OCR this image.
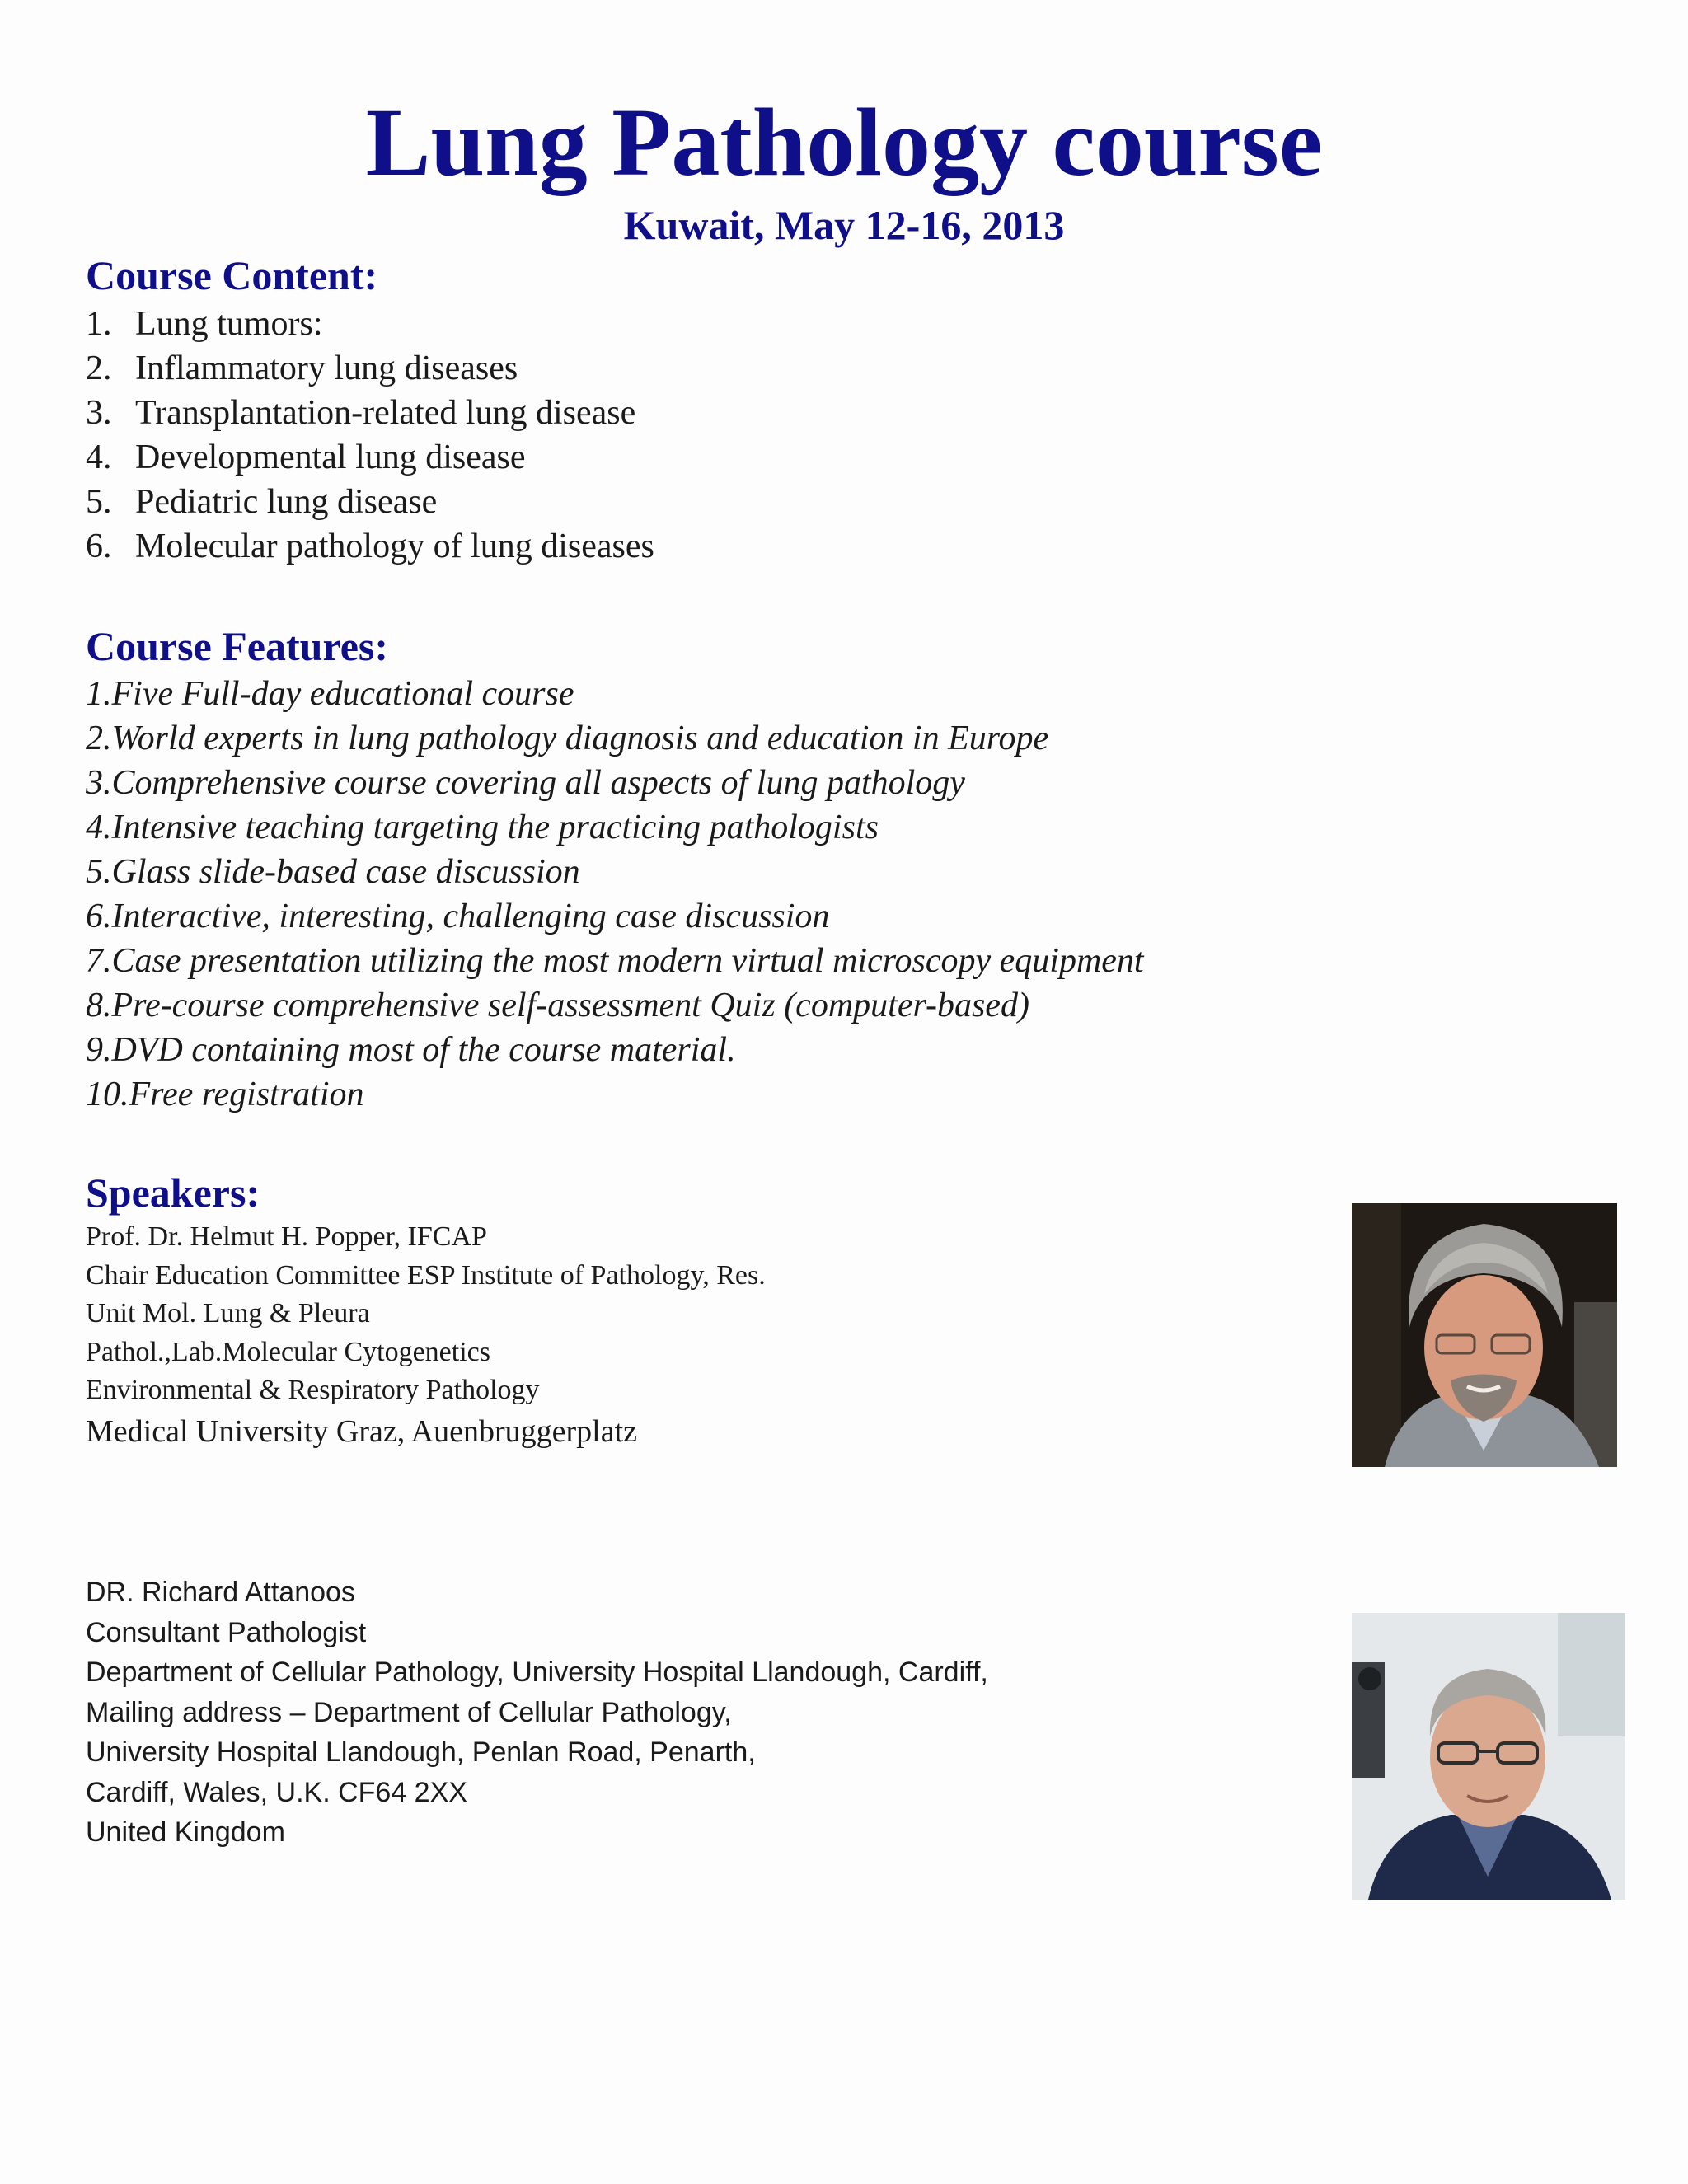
Lung Pathology course
Kuwait, May 12-16, 2013
Course Content:
1. Lung tumors:
2. Inflammatory lung diseases
3. Transplantation-related lung disease
4. Developmental lung disease
5. Pediatric lung disease
6. Molecular pathology of lung diseases
Course Features:
1.Five Full-day educational course
2.World experts in lung pathology diagnosis and education in Europe
3.Comprehensive course covering all aspects of lung pathology
4.Intensive teaching targeting the practicing pathologists
5.Glass slide-based case discussion
6.Interactive, interesting, challenging case discussion
7.Case presentation utilizing the most modern virtual microscopy equipment
8.Pre-course comprehensive self-assessment Quiz (computer-based)
9.DVD containing most of the course material.
10.Free registration
Speakers:
Prof. Dr. Helmut H. Popper, IFCAP
Chair Education Committee ESP Institute of Pathology, Res.
Unit Mol. Lung & Pleura
Pathol.,Lab.Molecular Cytogenetics
Environmental & Respiratory Pathology
Medical University Graz, Auenbruggerplatz
DR. Richard Attanoos
Consultant Pathologist
Department of Cellular Pathology, University Hospital Llandough, Cardiff,
Mailing address – Department of Cellular Pathology,
University Hospital Llandough, Penlan Road, Penarth,
Cardiff, Wales, U.K. CF64 2XX
United Kingdom
